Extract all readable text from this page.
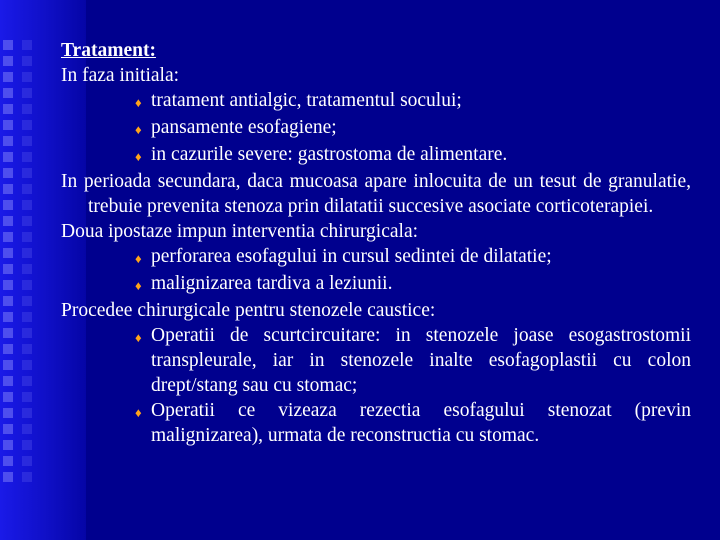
Tratament:
In faza initiala:
♦ tratament antialgic, tratamentul socului;
♦ pansamente esofagiene;
♦ in cazurile severe: gastrostoma de alimentare.
In perioada secundara, daca mucoasa apare inlocuita de un tesut de granulatie, trebuie prevenita stenoza prin dilatatii succesive asociate corticoterapiei.
Doua ipostaze impun interventia chirurgicala:
♦ perforarea esofagului in cursul sedintei de dilatatie;
♦ malignizarea tardiva a leziunii.
Procedee chirurgicale pentru stenozele caustice:
♦ Operatii de scurtcircuitare: in stenozele joase esogastrostomii transpleurale, iar in stenozele inalte esofagoplastii cu colon drept/stang sau cu stomac;
♦ Operatii ce vizeaza rezectia esofagului stenozat (previn malignizarea), urmata de reconstructia cu stomac.
